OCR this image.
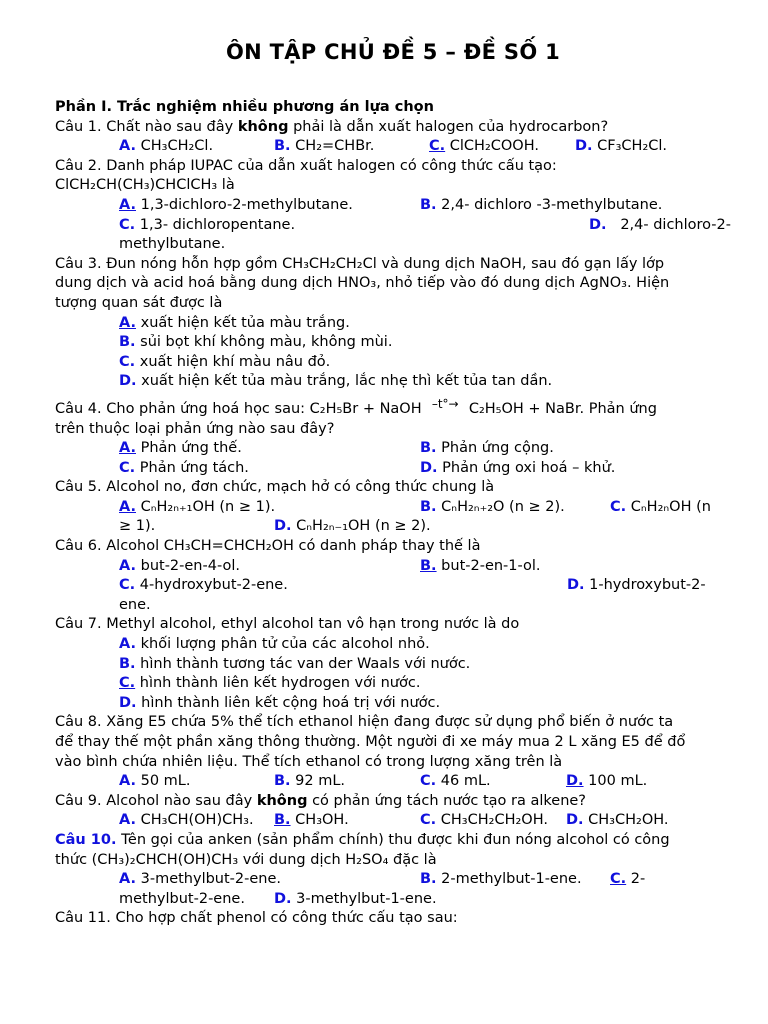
ÔN TẬP CHỦ ĐỀ 5 – ĐỀ SỐ 1
Phần I. Trắc nghiệm nhiều phương án lựa chọn
Câu 1. Chất nào sau đây không phải là dẫn xuất halogen của hydrocarbon?
A. CH₃CH₂Cl.	B. CH₂=CHBr.	C. ClCH₂COOH.	D. CF₃CH₂Cl.
Câu 2. Danh pháp IUPAC của dẫn xuất halogen có công thức cấu tạo:
ClCH₂CH(CH₃)CHClCH₃ là
A. 1,3-dichloro-2-methylbutane.	B. 2,4- dichloro -3-methylbutane.
C. 1,3- dichloropentane.	D. 2,4- dichloro-2-
methylbutane.
Câu 3. Đun nóng hỗn hợp gồm CH₃CH₂CH₂Cl và dung dịch NaOH, sau đó gạn lấy lớp
dung dịch và acid hoá bằng dung dịch HNO₃, nhỏ tiếp vào đó dung dịch AgNO₃. Hiện
tượng quan sát được là
A. xuất hiện kết tủa màu trắng.
B. sủi bọt khí không màu, không mùi.
C. xuất hiện khí màu nâu đỏ.
D. xuất hiện kết tủa màu trắng, lắc nhẹ thì kết tủa tan dần.
Câu 4. Cho phản ứng hoá học sau: C₂H₅Br + NaOH –t°→ C₂H₅OH + NaBr. Phản ứng
trên thuộc loại phản ứng nào sau đây?
A. Phản ứng thế.	B. Phản ứng cộng.
C. Phản ứng tách.	D. Phản ứng oxi hoá – khử.
Câu 5. Alcohol no, đơn chức, mạch hở có công thức chung là
A. CₙH₂ₙ₊₁OH (n ≥ 1).	B. CₙH₂ₙ₊₂O (n ≥ 2).	C. CₙH₂ₙOH (n
≥ 1).	D. CₙH₂ₙ₋₁OH (n ≥ 2).
Câu 6. Alcohol CH₃CH=CHCH₂OH có danh pháp thay thế là
A. but-2-en-4-ol.	B. but-2-en-1-ol.
C. 4-hydroxybut-2-ene.	D. 1-hydroxybut-2-
ene.
Câu 7. Methyl alcohol, ethyl alcohol tan vô hạn trong nước là do
A. khối lượng phân tử của các alcohol nhỏ.
B. hình thành tương tác van der Waals với nước.
C. hình thành liên kết hydrogen với nước.
D. hình thành liên kết cộng hoá trị với nước.
Câu 8. Xăng E5 chứa 5% thể tích ethanol hiện đang được sử dụng phổ biến ở nước ta
để thay thế một phần xăng thông thường. Một người đi xe máy mua 2 L xăng E5 để đổ
vào bình chứa nhiên liệu. Thể tích ethanol có trong lượng xăng trên là
A. 50 mL.	B. 92 mL.	C. 46 mL.	D. 100 mL.
Câu 9. Alcohol nào sau đây không có phản ứng tách nước tạo ra alkene?
A. CH₃CH(OH)CH₃.	B. CH₃OH.	C. CH₃CH₂CH₂OH.	D. CH₃CH₂OH.
Câu 10. Tên gọi của anken (sản phẩm chính) thu được khi đun nóng alcohol có công
thức (CH₃)₂CHCH(OH)CH₃ với dung dịch H₂SO₄ đặc là
A. 3-methylbut-2-ene.	B. 2-methylbut-1-ene.	C. 2-
methylbut-2-ene.	D. 3-methylbut-1-ene.
Câu 11. Cho hợp chất phenol có công thức cấu tạo sau:
